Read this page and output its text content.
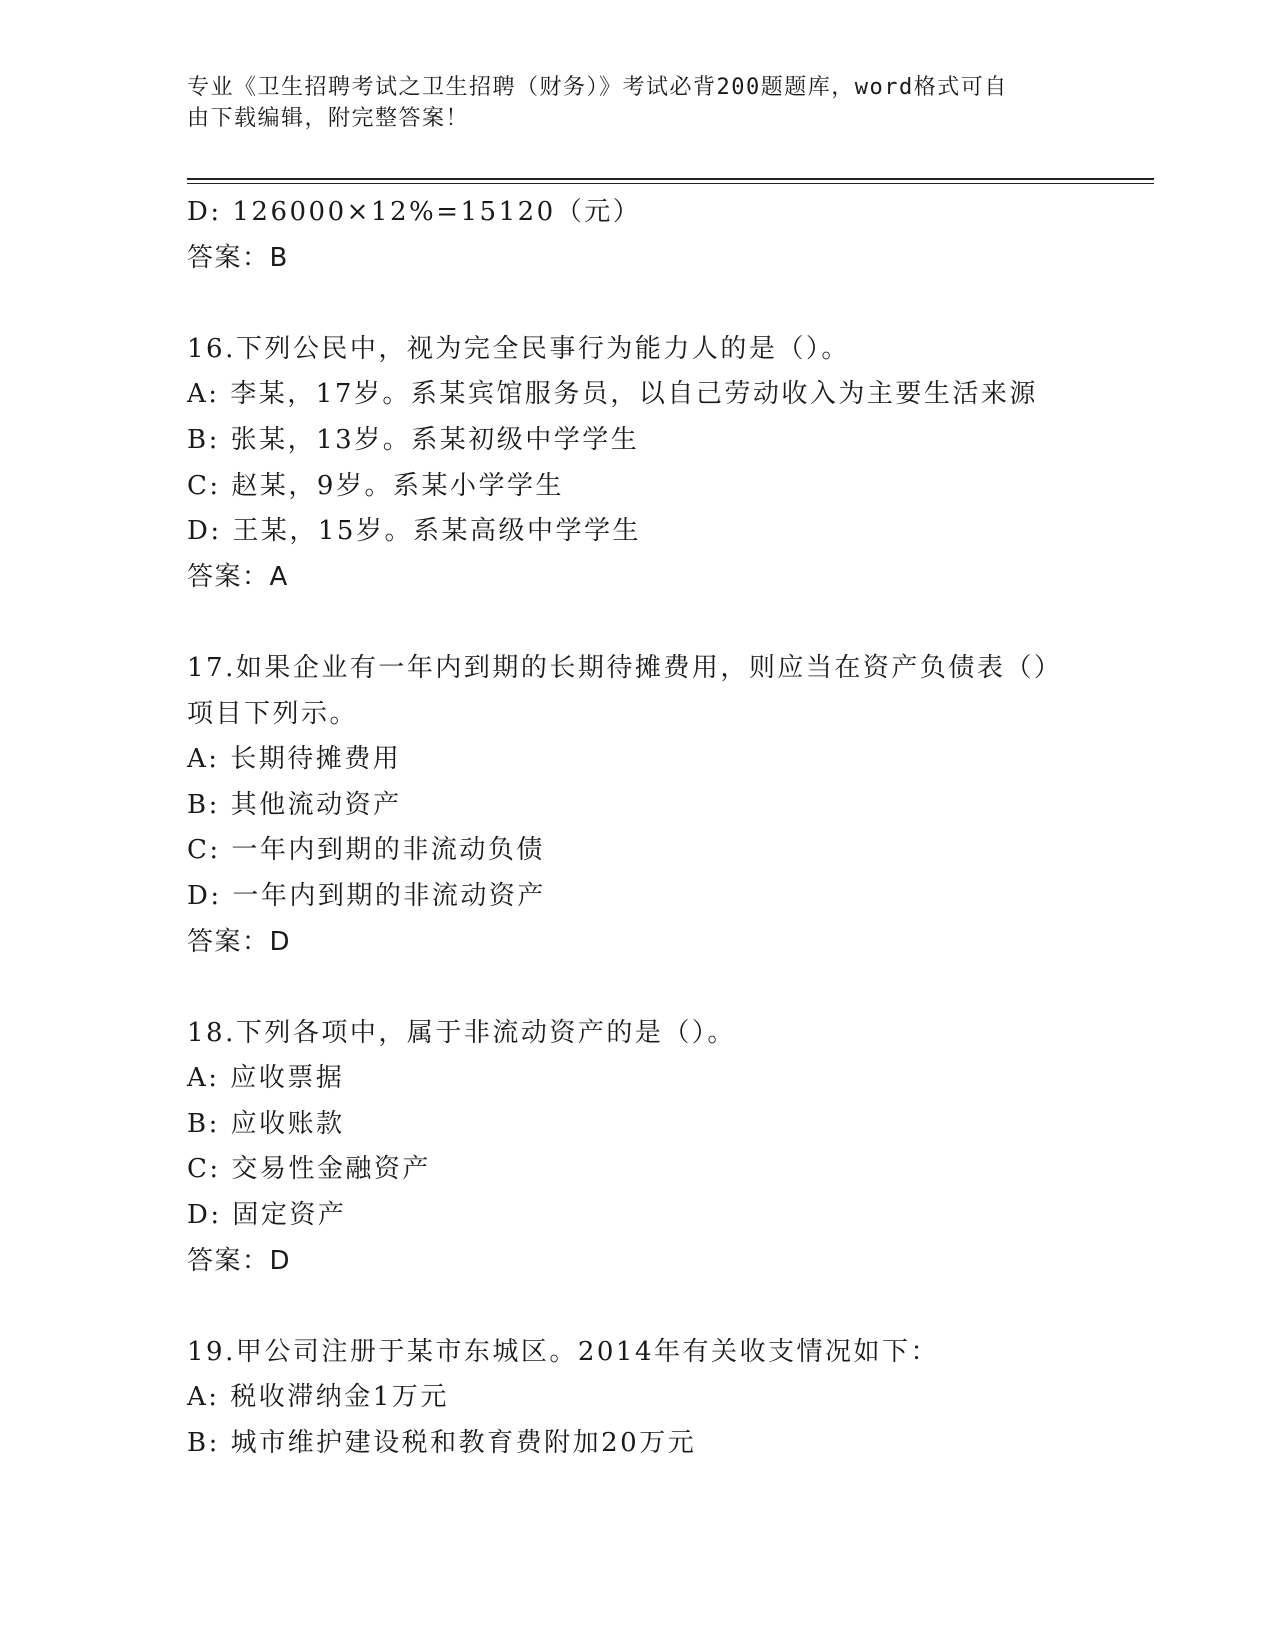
专业《卫生招聘考试之卫生招聘（财务）》考试必背200题题库，word格式可自
由下载编辑，附完整答案！
D: 126000×12%=15120（元）
答案：B
16.下列公民中，视为完全民事行为能力人的是（）。
A: 李某，17岁。系某宾馆服务员，以自己劳动收入为主要生活来源
B: 张某，13岁。系某初级中学学生
C: 赵某，9岁。系某小学学生
D: 王某，15岁。系某高级中学学生
答案：A
17.如果企业有一年内到期的长期待摊费用，则应当在资产负债表（）
项目下列示。
A: 长期待摊费用
B: 其他流动资产
C: 一年内到期的非流动负债
D: 一年内到期的非流动资产
答案：D
18.下列各项中，属于非流动资产的是（）。
A: 应收票据
B: 应收账款
C: 交易性金融资产
D: 固定资产
答案：D
19.甲公司注册于某市东城区。2014年有关收支情况如下：
A: 税收滞纳金1万元
B: 城市维护建设税和教育费附加20万元
